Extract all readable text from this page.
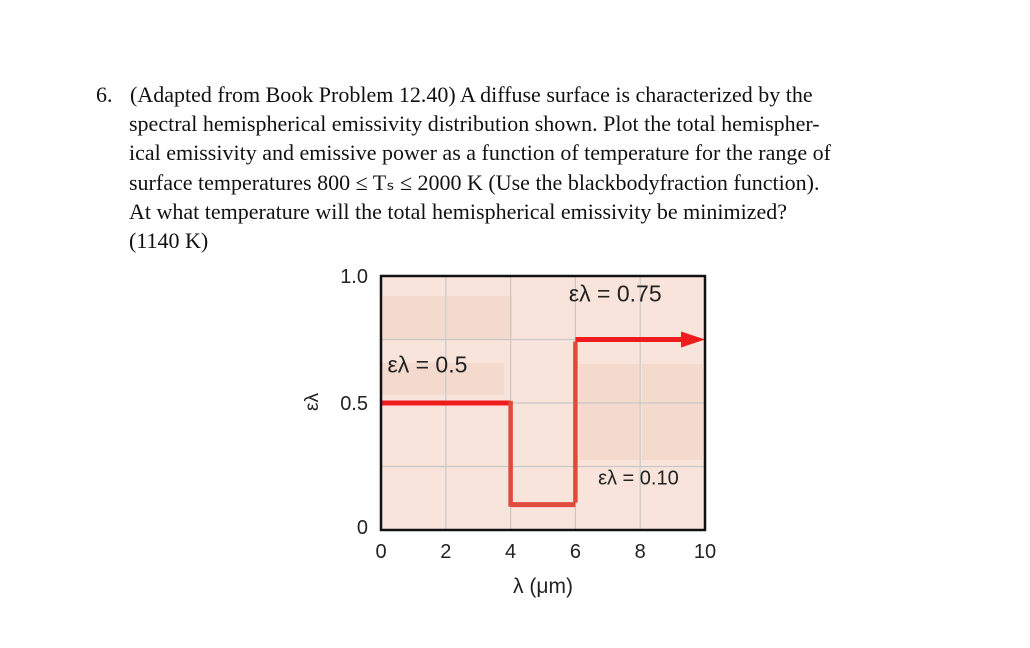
6. (Adapted from Book Problem 12.40) A diffuse surface is characterized by the
spectral hemispherical emissivity distribution shown. Plot the total hemispher-
ical emissivity and emissive power as a function of temperature for the range of
surface temperatures 800 ≤ Tₛ ≤ 2000 K (Use the blackbodyfraction function).
At what temperature will the total hemispherical emissivity be minimized?
(1140 K)
0	2	4	6	8 10
0
0.5
1.0
ελ = 0.5
ελ = 0.10
ελ = 0.75
λ (μm)
ελ
